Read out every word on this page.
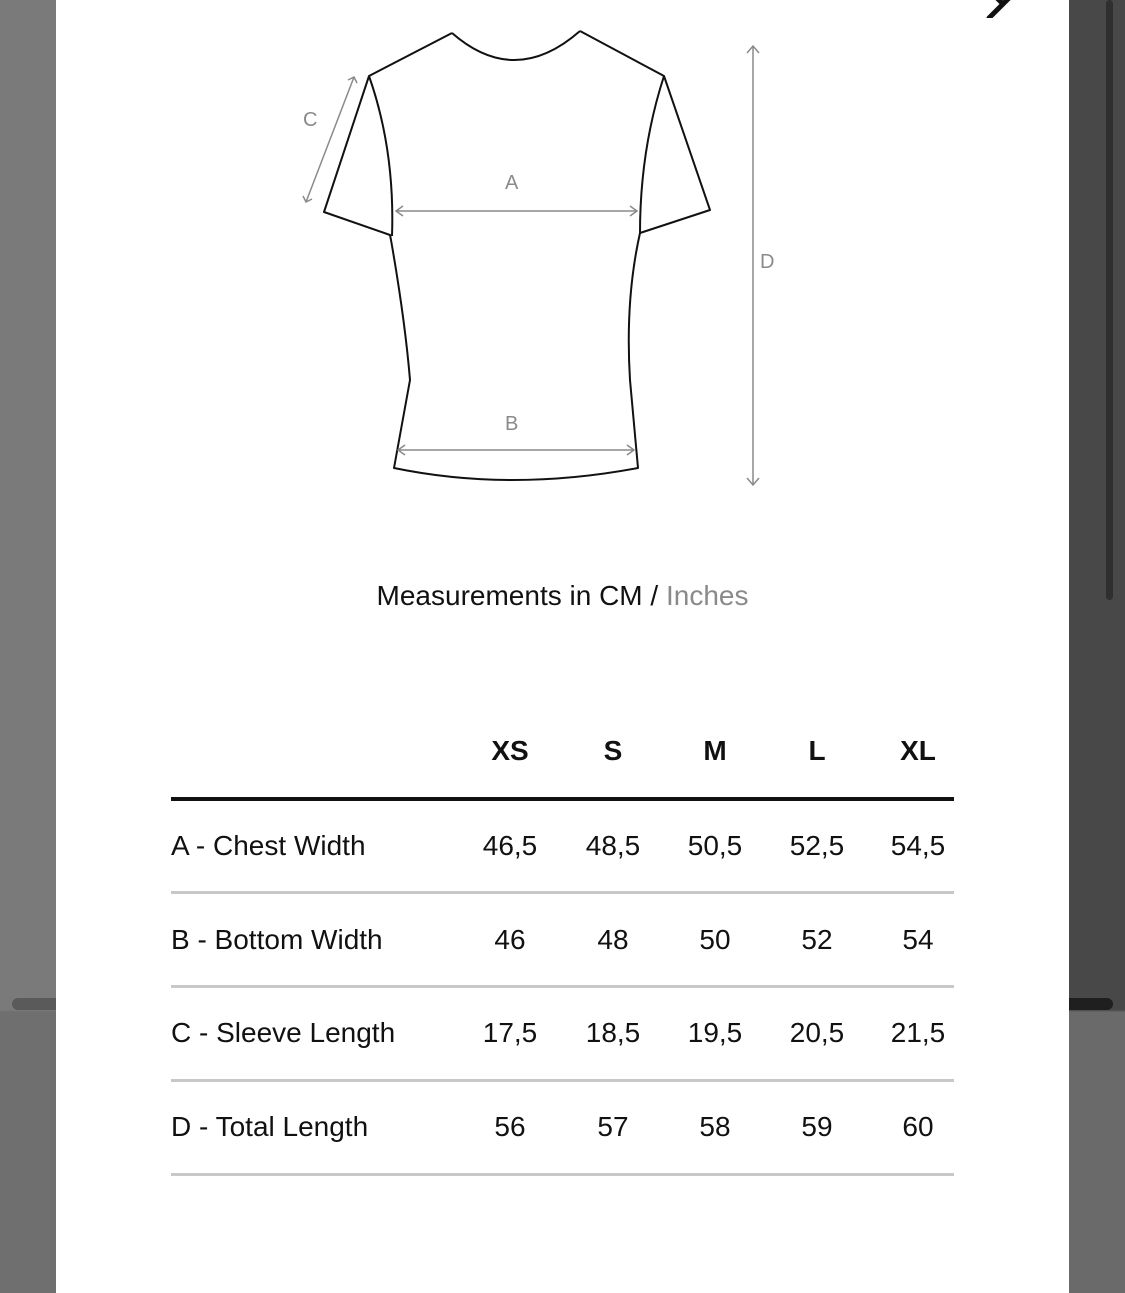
A
B
C
D
Measurements in CM / Inches
XS	S	M	L	XL
A - Chest Width	46,5	48,5	50,5	52,5	54,5
B - Bottom Width	46	48	50	52	54
C - Sleeve Length	17,5	18,5	19,5	20,5	21,5
D - Total Length	56	57	58	59	60
